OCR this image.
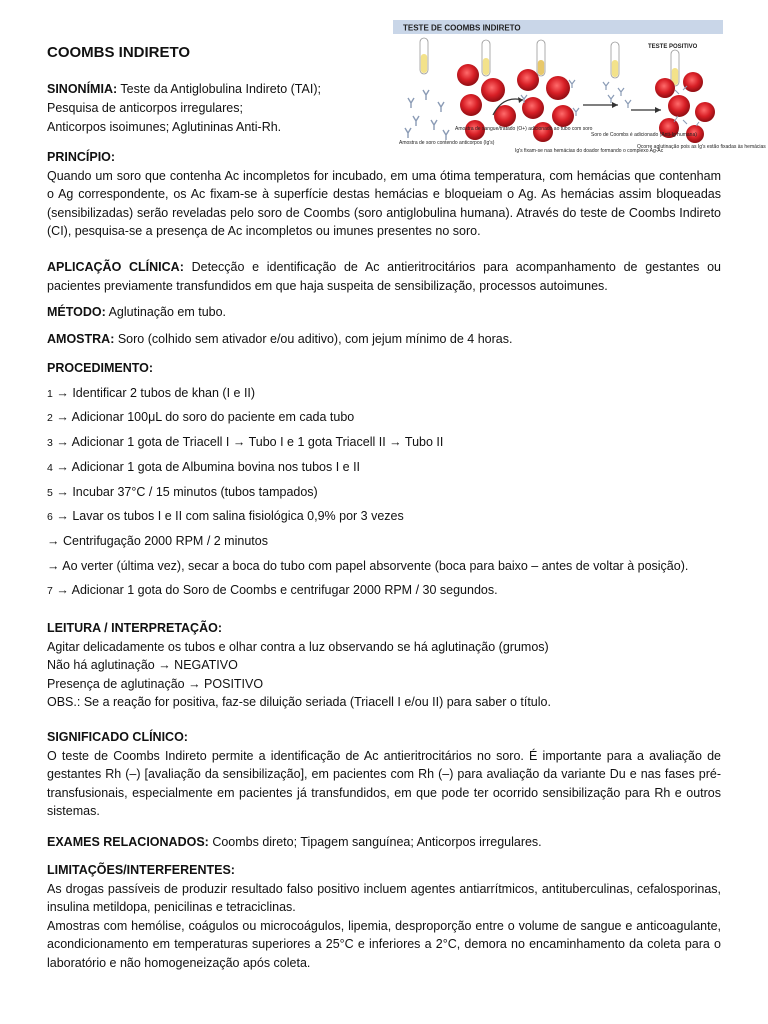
COOMBS INDIRETO
SINONÍMIA: Teste da Antiglobulina Indireto (TAI);
Pesquisa de anticorpos irregulares;
Anticorpos isoimunes; Aglutininas Anti-Rh.
TESTE DE COOMBS INDIRETO
TESTE POSITIVO
Amostra de soro contendo anticorpos (Ig's)
Amostra de sangue/tratado (O+) adicionado ao tubo com soro
Ig's fixam-se nas hemácias do doador formando o complexo Ag-Ac
Soro de Coombs é adicionado (Anti-Ig humana)
Ocorre aglutinação pois as Ig's estão fixadas às hemácias
PRINCÍPIO:
Quando um soro que contenha Ac incompletos for incubado, em uma ótima temperatura, com hemácias que contenham o Ag correspondente, os Ac fixam-se à superfície destas hemácias e bloqueiam o Ag. As hemácias assim bloqueadas (sensibilizadas) serão reveladas pelo soro de Coombs (soro antiglobulina humana). Através do teste de Coombs Indireto (CI), pesquisa-se a presença de Ac incompletos ou imunes presentes no soro.
APLICAÇÃO CLÍNICA: Detecção e identificação de Ac antieritrocitários para acompanhamento de gestantes ou pacientes previamente transfundidos em que haja suspeita de sensibilização, processos autoimunes.
MÉTODO: Aglutinação em tubo.
AMOSTRA: Soro (colhido sem ativador e/ou aditivo), com jejum mínimo de 4 horas.
PROCEDIMENTO:
1 → Identificar 2 tubos de khan (I e II)
2 → Adicionar 100μL do soro do paciente em cada tubo
3 → Adicionar 1 gota de Triacell I → Tubo I e 1 gota Triacell II → Tubo II
4 → Adicionar 1 gota de Albumina bovina nos tubos I e II
5 → Incubar 37°C / 15 minutos (tubos tampados)
6 → Lavar os tubos I e II com salina fisiológica 0,9% por 3 vezes
→ Centrifugação 2000 RPM / 2 minutos
→ Ao verter (última vez), secar a boca do tubo com papel absorvente (boca para baixo – antes de voltar à posição).
7 → Adicionar 1 gota do Soro de Coombs e centrifugar 2000 RPM / 30 segundos.
LEITURA / INTERPRETAÇÃO:
Agitar delicadamente os tubos e olhar contra a luz observando se há aglutinação (grumos)
Não há aglutinação → NEGATIVO
Presença de aglutinação → POSITIVO
OBS.: Se a reação for positiva, faz-se diluição seriada (Triacell I e/ou II) para saber o título.
SIGNIFICADO CLÍNICO:
O teste de Coombs Indireto permite a identificação de Ac antieritrocitários no soro. É importante para a avaliação de gestantes Rh (–) [avaliação da sensibilização], em pacientes com Rh (–) para avaliação da variante Du e nas fases pré-transfusionais, especialmente em pacientes já transfundidos, em que pode ter ocorrido sensibilização para Rh e outros sistemas.
EXAMES RELACIONADOS: Coombs direto; Tipagem sanguínea; Anticorpos irregulares.
LIMITAÇÕES/INTERFERENTES:
As drogas passíveis de produzir resultado falso positivo incluem agentes antiarrítmicos, antituberculinas, cefalosporinas, insulina metildopa, penicilinas e tetraciclinas.
Amostras com hemólise, coágulos ou microcoágulos, lipemia, desproporção entre o volume de sangue e anticoagulante, acondicionamento em temperaturas superiores a 25°C e inferiores a 2°C, demora no encaminhamento da coleta para o laboratório e não homogeneização após coleta.
